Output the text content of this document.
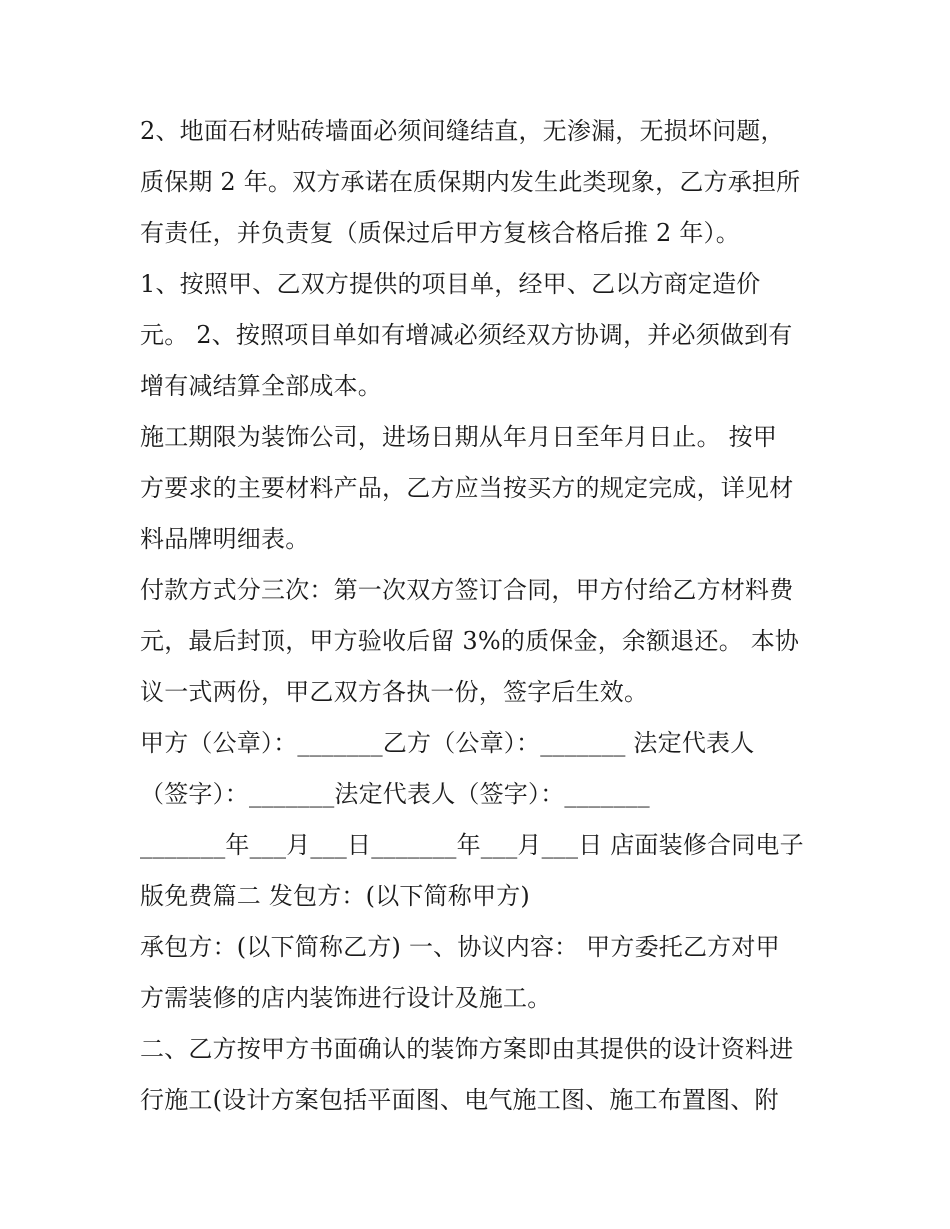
2、地面石材贴砖墙面必须间缝结直，无渗漏，无损坏问题，
质保期 2 年。双方承诺在质保期内发生此类现象，乙方承担所
有责任，并负责复（质保过后甲方复核合格后推 2 年）。
1、按照甲、乙双方提供的项目单，经甲、乙以方商定造价
元。 2、按照项目单如有增减必须经双方协调，并必须做到有
增有减结算全部成本。
施工期限为装饰公司，进场日期从年月日至年月日止。 按甲
方要求的主要材料产品，乙方应当按买方的规定完成，详见材
料品牌明细表。
付款方式分三次：第一次双方签订合同，甲方付给乙方材料费
元，最后封顶，甲方验收后留 3%的质保金，余额退还。 本协
议一式两份，甲乙双方各执一份，签字后生效。
甲方（公章）：_______乙方（公章）：_______ 法定代表人
（签字）：_______法定代表人（签字）：_______
_______年___月___日_______年___月___日 店面装修合同电子
版免费篇二 发包方：(以下简称甲方)
承包方：(以下简称乙方) 一、协议内容： 甲方委托乙方对甲
方需装修的店内装饰进行设计及施工。
二、乙方按甲方书面确认的装饰方案即由其提供的设计资料进
行施工(设计方案包括平面图、电气施工图、施工布置图、附
